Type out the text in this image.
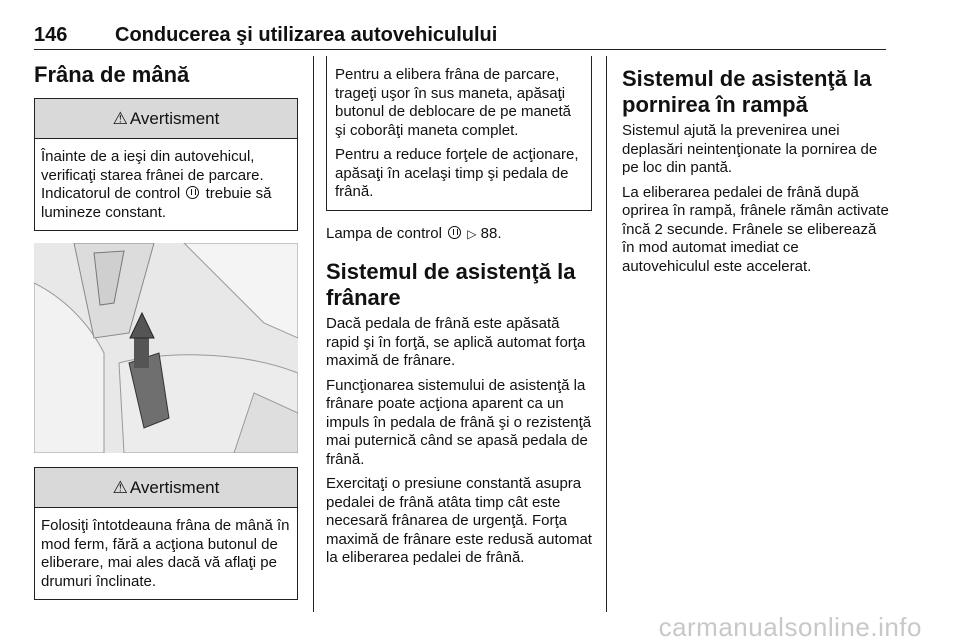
146 Conducerea şi utilizarea autovehiculului
Frâna de mână
⚠ Avertisment

Înainte de a ieşi din autovehicul, verificaţi starea frânei de parcare. Indicatorul de control  trebuie să lumineze constant.

⚠ Avertisment

Folosiţi întotdeauna frâna de mână în mod ferm, fără a acţiona butonul de eliberare, mai ales dacă vă aflaţi pe drumuri înclinate.

Pentru a elibera frâna de parcare, trageţi uşor în sus maneta, apăsaţi butonul de deblocare de pe manetă şi coborâţi maneta complet.

Pentru a reduce forţele de acţionare, apăsaţi în acelaşi timp şi pedala de frână.

Lampa de control ▷ 88.

Sistemul de asistenţă la frânare

Dacă pedala de frână este apăsată rapid şi în forţă, se aplică automat forţa maximă de frânare.

Funcţionarea sistemului de asistenţă la frânare poate acţiona aparent ca un impuls în pedala de frână şi o rezistenţă mai puternică când se apasă pedala de frână.

Exercitaţi o presiune constantă asupra pedalei de frână atâta timp cât este necesară frânarea de urgenţă. Forţa maximă de frânare este redusă automat la eliberarea pedalei de frână.

Sistemul de asistenţă la pornirea în rampă

Sistemul ajută la prevenirea unei deplasări neintenţionate la pornirea de pe loc din pantă.

La eliberarea pedalei de frână după oprirea în rampă, frânele rămân activate încă 2 secunde. Frânele se eliberează în mod automat imediat ce autovehiculul este accelerat.

carmanualsonline.info
